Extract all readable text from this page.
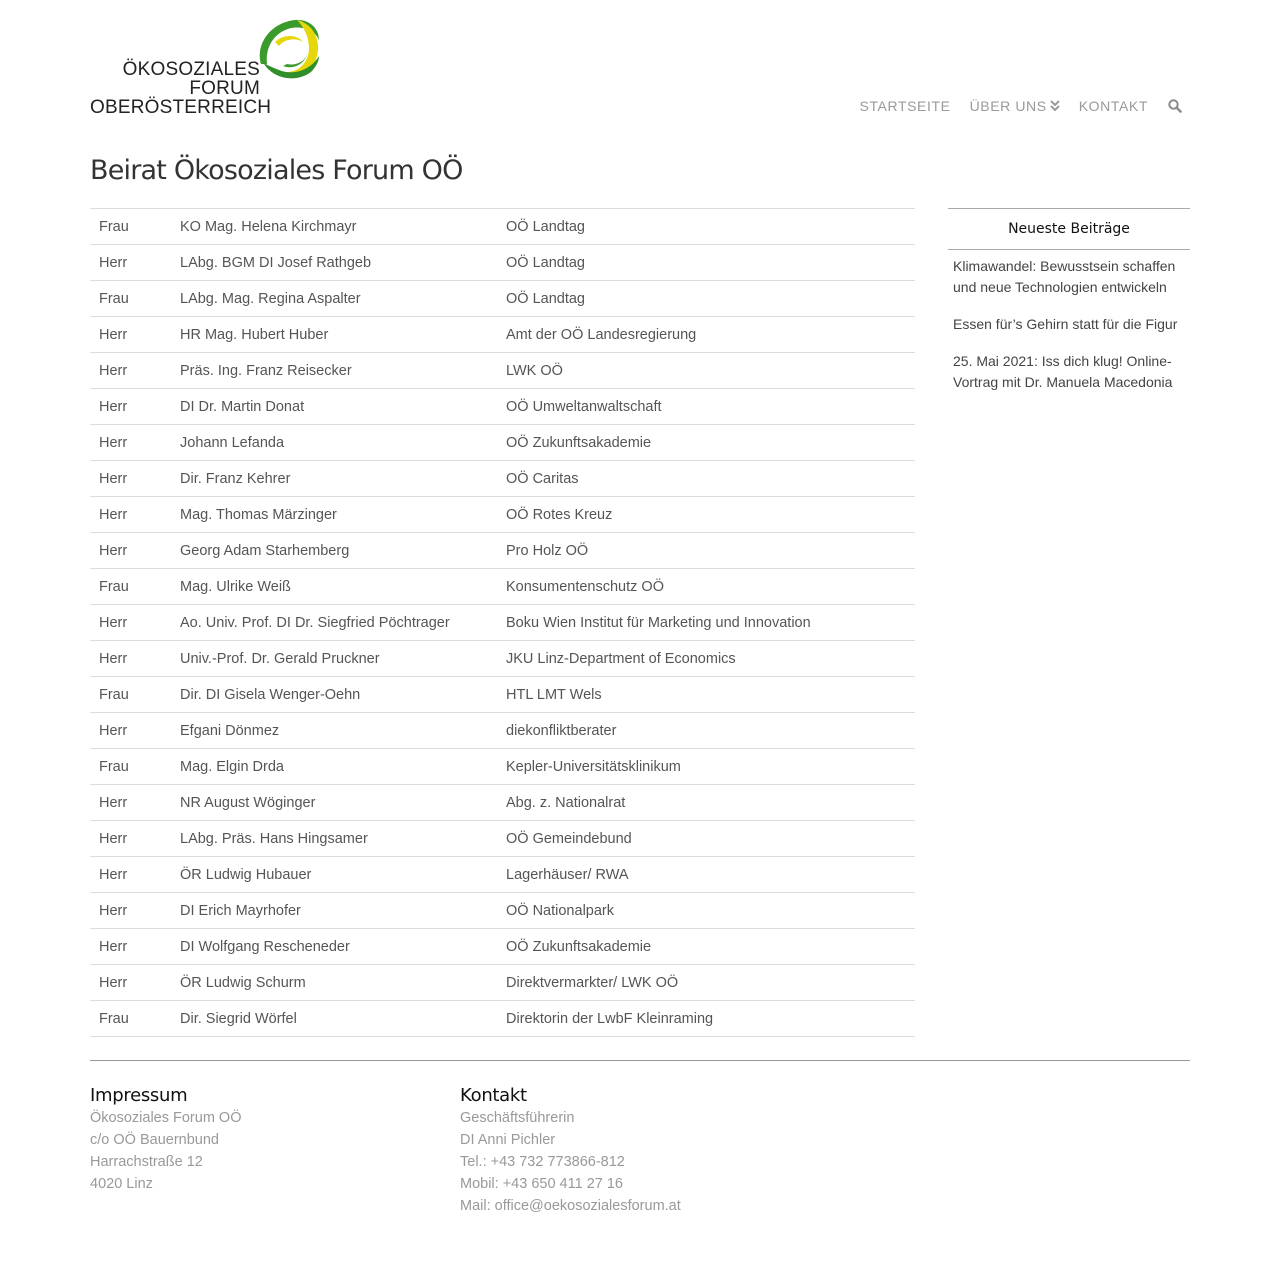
ÖKOSOZIALES
FORUM
OBERÖSTERREICH	STARTSEITE ÜBER UNS KONTAKT
Beirat Ökosoziales Forum OÖ
Frau	KO Mag. Helena Kirchmayr	OÖ Landtag
Herr	LAbg. BGM DI Josef Rathgeb	OÖ Landtag
Frau	LAbg. Mag. Regina Aspalter	OÖ Landtag
Herr	HR Mag. Hubert Huber	Amt der OÖ Landesregierung
Herr	Präs. Ing. Franz Reisecker	LWK OÖ
Herr	DI Dr. Martin Donat	OÖ Umweltanwaltschaft
Herr	Johann Lefanda	OÖ Zukunftsakademie
Herr	Dir. Franz Kehrer	OÖ Caritas
Herr	Mag. Thomas Märzinger	OÖ Rotes Kreuz
Herr	Georg Adam Starhemberg	Pro Holz OÖ
Frau	Mag. Ulrike Weiß	Konsumentenschutz OÖ
Herr	Ao. Univ. Prof. DI Dr. Siegfried Pöchtrager	Boku Wien Institut für Marketing und Innovation
Herr	Univ.-Prof. Dr. Gerald Pruckner	JKU Linz-Department of Economics
Frau	Dir. DI Gisela Wenger-Oehn	HTL LMT Wels
Herr	Efgani Dönmez	diekonfliktberater
Frau	Mag. Elgin Drda	Kepler-Universitätsklinikum
Herr	NR August Wöginger	Abg. z. Nationalrat
Herr	LAbg. Präs. Hans Hingsamer	OÖ Gemeindebund
Herr	ÖR Ludwig Hubauer	Lagerhäuser/ RWA
Herr	DI Erich Mayrhofer	OÖ Nationalpark
Herr	DI Wolfgang Rescheneder	OÖ Zukunftsakademie
Herr	ÖR Ludwig Schurm	Direktvermarkter/ LWK OÖ
Frau	Dir. Siegrid Wörfel	Direktorin der LwbF Kleinraming
Neueste Beiträge
Klimawandel: Bewusstsein schaffen und neue Technologien entwickeln
Essen für’s Gehirn statt für die Figur
25. Mai 2021: Iss dich klug! Online-Vortrag mit Dr. Manuela Macedonia
Impressum

Ökosoziales Forum OÖ

c/o OÖ Bauernbund

Harrachstraße 12

4020 Linz

Kontakt

Geschäftsführerin

DI Anni Pichler

Tel.: +43 732 773866-812

Mobil: +43 650 411 27 16

Mail: office@oekosozialesforum.at
